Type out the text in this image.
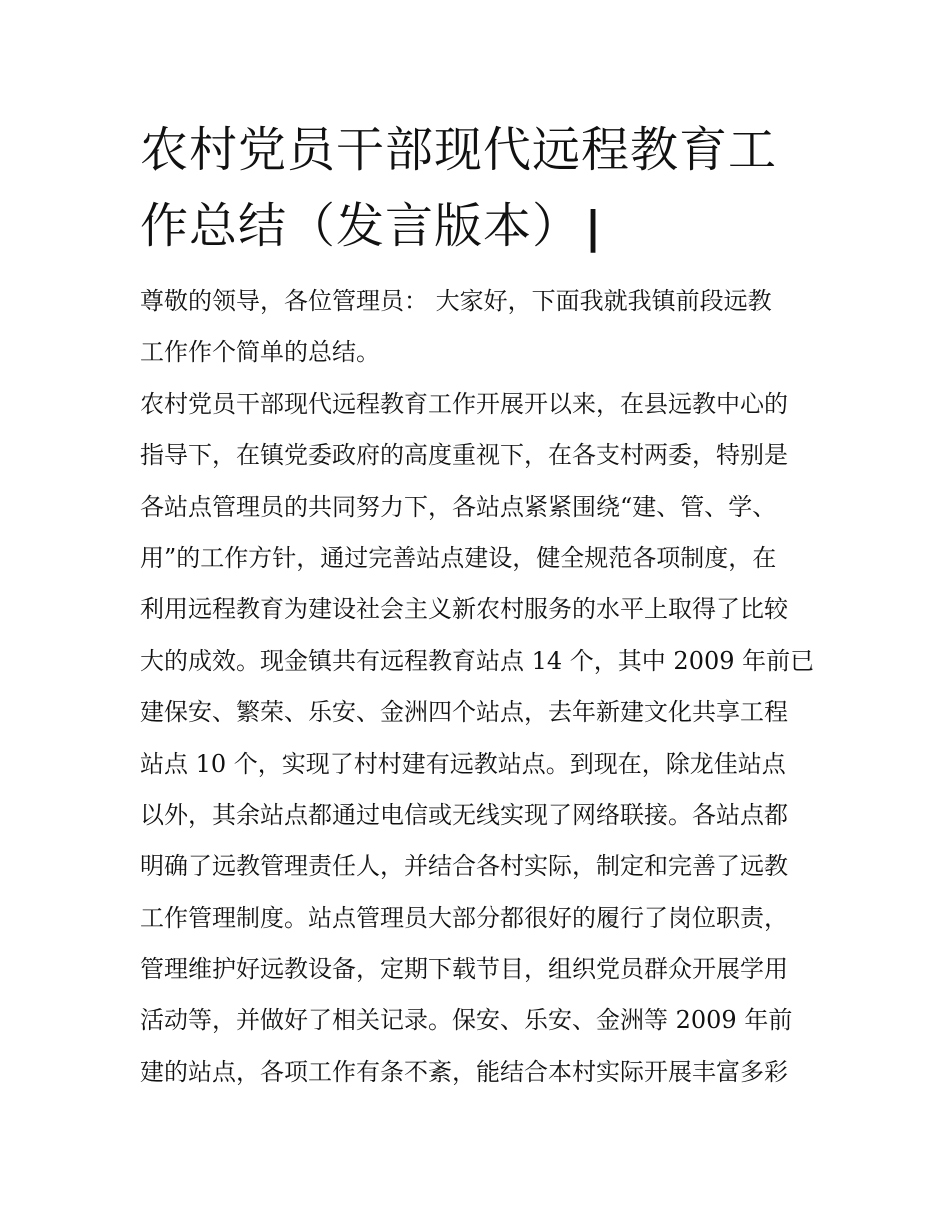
农村党员干部现代远程教育工
作总结（发言版本）|
尊敬的领导，各位管理员： 大家好，下面我就我镇前段远教
工作作个简单的总结。
农村党员干部现代远程教育工作开展开以来，在县远教中心的
指导下，在镇党委政府的高度重视下，在各支村两委，特别是
各站点管理员的共同努力下，各站点紧紧围绕“建、管、学、
用”的工作方针，通过完善站点建设，健全规范各项制度，在
利用远程教育为建设社会主义新农村服务的水平上取得了比较
大的成效。现金镇共有远程教育站点 14 个，其中 2009 年前已
建保安、繁荣、乐安、金洲四个站点，去年新建文化共享工程
站点 10 个，实现了村村建有远教站点。到现在，除龙佳站点
以外，其余站点都通过电信或无线实现了网络联接。各站点都
明确了远教管理责任人，并结合各村实际，制定和完善了远教
工作管理制度。站点管理员大部分都很好的履行了岗位职责，
管理维护好远教设备，定期下载节目，组织党员群众开展学用
活动等，并做好了相关记录。保安、乐安、金洲等 2009 年前
建的站点，各项工作有条不紊，能结合本村实际开展丰富多彩
